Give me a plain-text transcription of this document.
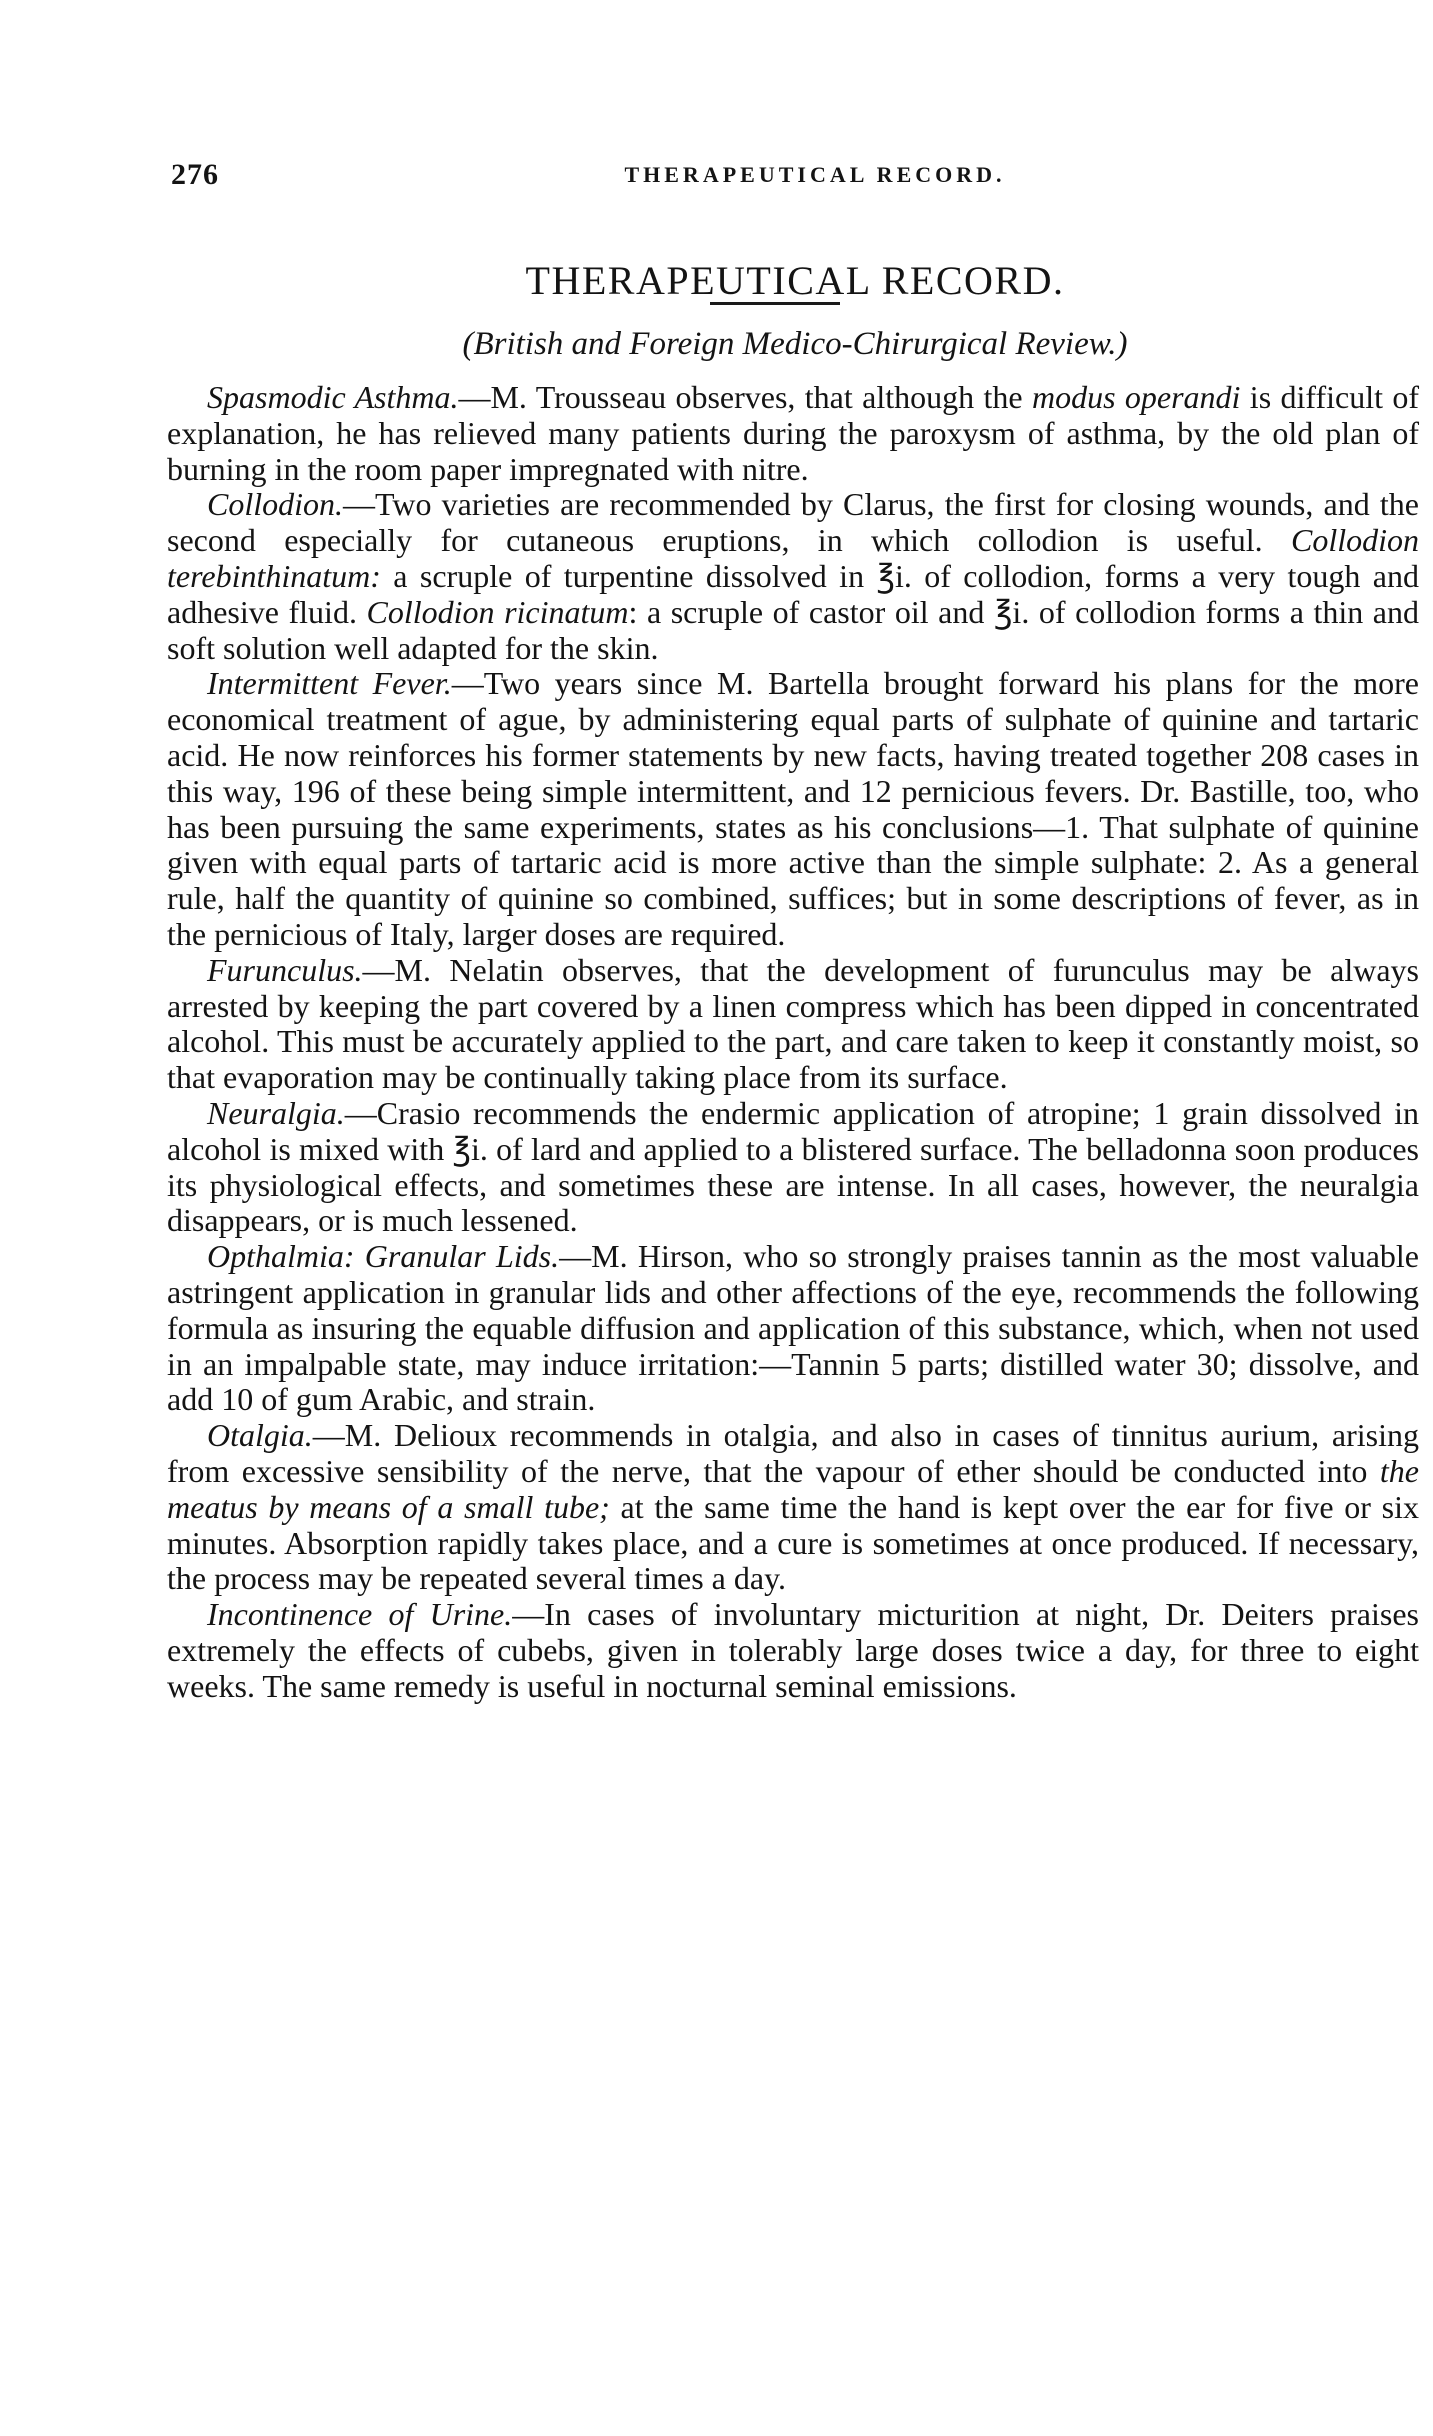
276	THERAPEUTICAL RECORD.
THERAPEUTICAL RECORD.
(British and Foreign Medico-Chirurgical Review.)

Spasmodic Asthma.—M. Trousseau observes, that although the modus operandi is difficult of explanation, he has relieved many patients during the paroxysm of asthma, by the old plan of burning in the room paper impregnated with nitre.

Collodion.—Two varieties are recommended by Clarus, the first for closing wounds, and the second especially for cutaneous eruptions, in which collodion is useful. Collodion terebinthinatum: a scruple of turpentine dissolved in ℥i. of collodion, forms a very tough and adhesive fluid. Collodion ricinatum: a scruple of castor oil and ℥i. of collodion forms a thin and soft solution well adapted for the skin.

Intermittent Fever.—Two years since M. Bartella brought forward his plans for the more economical treatment of ague, by administering equal parts of sulphate of quinine and tartaric acid. He now reinforces his former statements by new facts, having treated together 208 cases in this way, 196 of these being simple intermittent, and 12 pernicious fevers. Dr. Bastille, too, who has been pursuing the same experiments, states as his conclusions—1. That sulphate of quinine given with equal parts of tartaric acid is more active than the simple sulphate: 2. As a general rule, half the quantity of quinine so combined, suffices; but in some descriptions of fever, as in the pernicious of Italy, larger doses are required.

Furunculus.—M. Nelatin observes, that the development of furunculus may be always arrested by keeping the part covered by a linen compress which has been dipped in concentrated alcohol. This must be accurately applied to the part, and care taken to keep it constantly moist, so that evaporation may be continually taking place from its surface.

Neuralgia.—Crasio recommends the endermic application of atropine; 1 grain dissolved in alcohol is mixed with ℥i. of lard and applied to a blistered surface. The belladonna soon produces its physiological effects, and sometimes these are intense. In all cases, however, the neuralgia disappears, or is much lessened.

Opthalmia: Granular Lids.—M. Hirson, who so strongly praises tannin as the most valuable astringent application in granular lids and other affections of the eye, recommends the following formula as insuring the equable diffusion and application of this substance, which, when not used in an impalpable state, may induce irritation:—Tannin 5 parts; distilled water 30; dissolve, and add 10 of gum Arabic, and strain.

Otalgia.—M. Delioux recommends in otalgia, and also in cases of tinnitus aurium, arising from excessive sensibility of the nerve, that the vapour of ether should be conducted into the meatus by means of a small tube; at the same time the hand is kept over the ear for five or six minutes. Absorption rapidly takes place, and a cure is sometimes at once produced. If necessary, the process may be repeated several times a day.

Incontinence of Urine.—In cases of involuntary micturition at night, Dr. Deiters praises extremely the effects of cubebs, given in tolerably large doses twice a day, for three to eight weeks. The same remedy is useful in nocturnal seminal emissions.
